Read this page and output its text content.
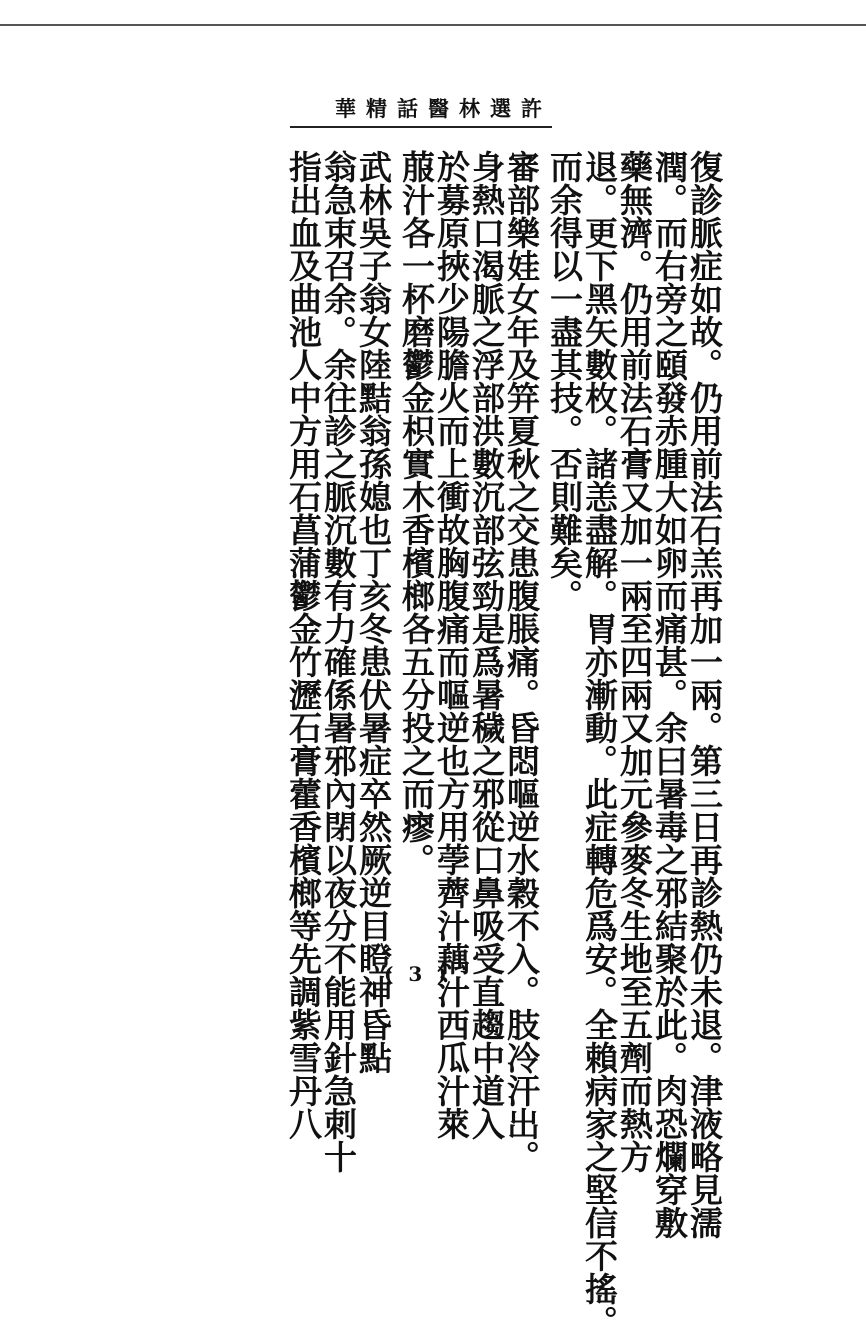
許選林醫話精華
復診脈症如故。仍用前法石羔再加一兩。第三日再診熱仍未退。津液略見濡
潤。而右旁之頤發赤腫大如卵而痛甚。余曰暑毒之邪結聚於此。肉恐爛穿敷
藥無濟。仍用前法石膏又加一兩至四兩又加元參麥冬生地至五劑而熱方
退。更下黑矢數枚。諸恙盡解。胃亦漸動。此症轉危爲安。全賴病家之堅信不搖。
而余得以一盡其技。否則難矣。
審部樂娃女年及笄夏秋之交患腹脹痛。昏悶嘔逆水穀不入。肢冷汗出。
身熱口渴脈之浮部洪數沉部弦勁是爲暑穢之邪從口鼻吸受直趨中道入
於募原挾少陽膽火而上衝故胸腹痛而嘔逆也方用荸薺汁藕汁西瓜汁萊
菔汁各一杯磨鬱金枳實木香檳榔各五分投之而瘳。
武林吳子翁女陸黠翁孫媳也丁亥冬患伏暑症卒然厥逆目瞪神昏點
翁急束召余。余往診之脈沉數有力確係暑邪內閉以夜分不能用針急刺十
指出血及曲池人中方用石菖蒲鬱金竹瀝石膏藿香檳榔等先調紫雪丹八	( 3 )
